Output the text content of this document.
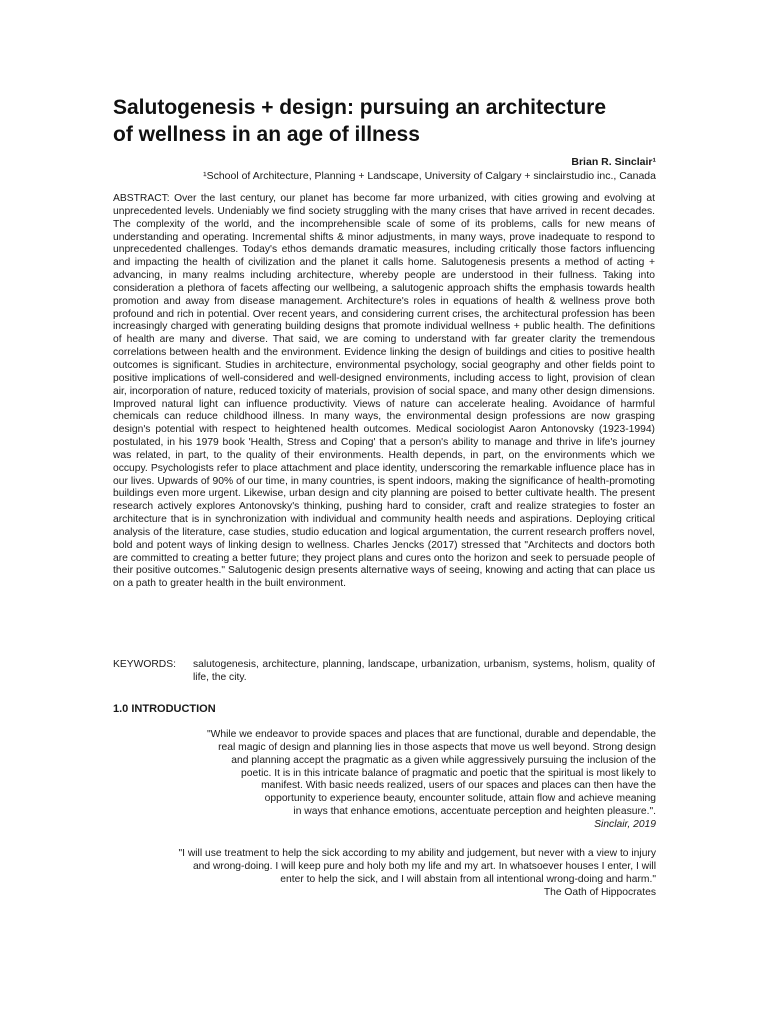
Salutogenesis + design: pursuing an architecture
of wellness in an age of illness
Brian R. Sinclair¹
¹School of Architecture, Planning + Landscape, University of Calgary + sinclairstudio inc., Canada

ABSTRACT: Over the last century, our planet has become far more urbanized, with cities growing and evolving at unprecedented levels. Undeniably we find society struggling with the many crises that have arrived in recent decades. The complexity of the world, and the incomprehensible scale of some of its problems, calls for new means of understanding and operating. Incremental shifts & minor adjustments, in many ways, prove inadequate to respond to unprecedented challenges. Today's ethos demands dramatic measures, including critically those factors influencing and impacting the health of civilization and the planet it calls home. Salutogenesis presents a method of acting + advancing, in many realms including architecture, whereby people are understood in their fullness. Taking into consideration a plethora of facets affecting our wellbeing, a salutogenic approach shifts the emphasis towards health promotion and away from disease management. Architecture's roles in equations of health & wellness prove both profound and rich in potential. Over recent years, and considering current crises, the architectural profession has been increasingly charged with generating building designs that promote individual wellness + public health. The definitions of health are many and diverse. That said, we are coming to understand with far greater clarity the tremendous correlations between health and the environment. Evidence linking the design of buildings and cities to positive health outcomes is significant. Studies in architecture, environmental psychology, social geography and other fields point to positive implications of well-considered and well-designed environments, including access to light, provision of clean air, incorporation of nature, reduced toxicity of materials, provision of social space, and many other design dimensions. Improved natural light can influence productivity. Views of nature can accelerate healing. Avoidance of harmful chemicals can reduce childhood illness. In many ways, the environmental design professions are now grasping design's potential with respect to heightened health outcomes. Medical sociologist Aaron Antonovsky (1923-1994) postulated, in his 1979 book 'Health, Stress and Coping' that a person's ability to manage and thrive in life's journey was related, in part, to the quality of their environments. Health depends, in part, on the environments which we occupy. Psychologists refer to place attachment and place identity, underscoring the remarkable influence place has in our lives. Upwards of 90% of our time, in many countries, is spent indoors, making the significance of health-promoting buildings even more urgent. Likewise, urban design and city planning are poised to better cultivate health. The present research actively explores Antonovsky's thinking, pushing hard to consider, craft and realize strategies to foster an architecture that is in synchronization with individual and community health needs and aspirations. Deploying critical analysis of the literature, case studies, studio education and logical argumentation, the current research proffers novel, bold and potent ways of linking design to wellness. Charles Jencks (2017) stressed that "Architects and doctors both are committed to creating a better future; they project plans and cures onto the horizon and seek to persuade people of their positive outcomes." Salutogenic design presents alternative ways of seeing, knowing and acting that can place us on a path to greater health in the built environment.

KEYWORDS:	salutogenesis, architecture, planning, landscape, urbanization, urbanism, systems, holism, quality of life, the city.
1.0 INTRODUCTION
"While we endeavor to provide spaces and places that are functional, durable and dependable, the
real magic of design and planning lies in those aspects that move us well beyond. Strong design
and planning accept the pragmatic as a given while aggressively pursuing the inclusion of the
poetic. It is in this intricate balance of pragmatic and poetic that the spiritual is most likely to
manifest. With basic needs realized, users of our spaces and places can then have the
opportunity to experience beauty, encounter solitude, attain flow and achieve meaning
in ways that enhance emotions, accentuate perception and heighten pleasure.".
Sinclair, 2019
"I will use treatment to help the sick according to my ability and judgement, but never with a view to injury
and wrong-doing. I will keep pure and holy both my life and my art. In whatsoever houses I enter, I will
enter to help the sick, and I will abstain from all intentional wrong-doing and harm."
The Oath of Hippocrates
